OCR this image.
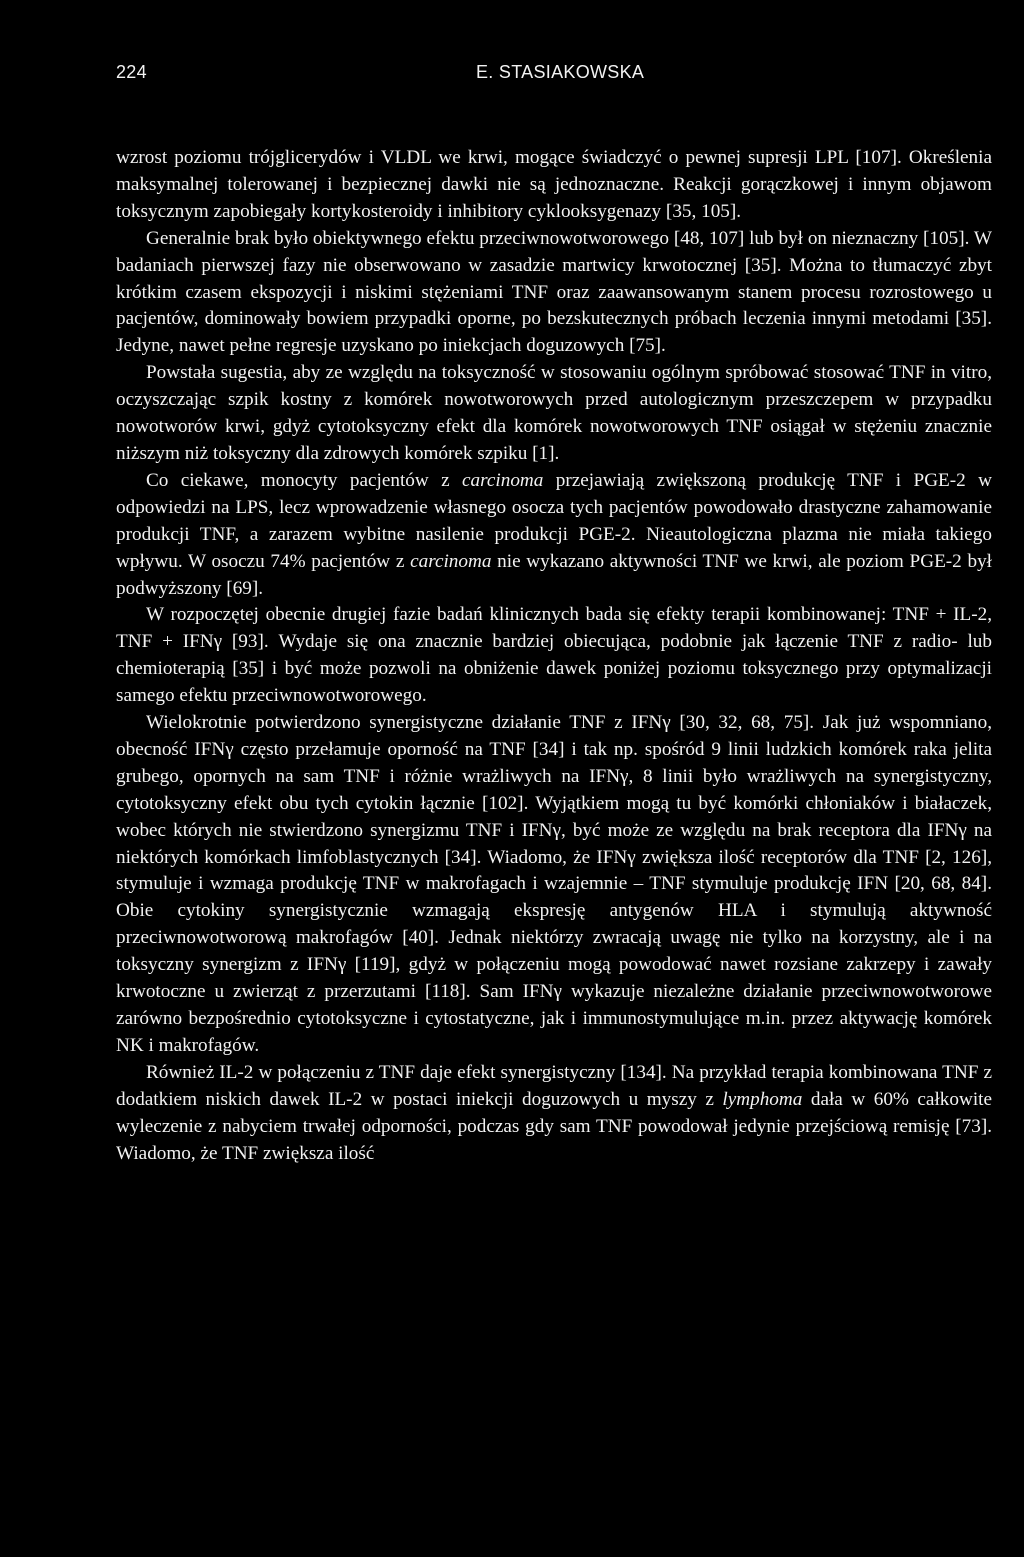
224	E. STASIAKOWSKA

wzrost poziomu trójglicerydów i VLDL we krwi, mogące świadczyć o pewnej supresji LPL [107]. Określenia maksymalnej tolerowanej i bezpiecznej dawki nie są jednoznaczne. Reakcji gorączkowej i innym objawom toksycznym zapobiegały kortykosteroidy i inhibitory cyklooksygenazy [35, 105].

Generalnie brak było obiektywnego efektu przeciwnowotworowego [48, 107] lub był on nieznaczny [105]. W badaniach pierwszej fazy nie obserwowano w zasadzie martwicy krwotocznej [35]. Można to tłumaczyć zbyt krótkim czasem ekspozycji i niskimi stężeniami TNF oraz zaawansowanym stanem procesu rozrostowego u pacjentów, dominowały bowiem przypadki oporne, po bezskutecznych próbach leczenia innymi metodami [35]. Jedyne, nawet pełne regresje uzyskano po iniekcjach doguzowych [75].

Powstała sugestia, aby ze względu na toksyczność w stosowaniu ogólnym spróbować stosować TNF in vitro, oczyszczając szpik kostny z komórek nowotworowych przed autologicznym przeszczepem w przypadku nowotworów krwi, gdyż cytotoksyczny efekt dla komórek nowotworowych TNF osiągał w stężeniu znacznie niższym niż toksyczny dla zdrowych komórek szpiku [1].

Co ciekawe, monocyty pacjentów z carcinoma przejawiają zwiększoną produkcję TNF i PGE-2 w odpowiedzi na LPS, lecz wprowadzenie własnego osocza tych pacjentów powodowało drastyczne zahamowanie produkcji TNF, a zarazem wybitne nasilenie produkcji PGE-2. Nieautologiczna plazma nie miała takiego wpływu. W osoczu 74% pacjentów z carcinoma nie wykazano aktywności TNF we krwi, ale poziom PGE-2 był podwyższony [69].

W rozpoczętej obecnie drugiej fazie badań klinicznych bada się efekty terapii kombinowanej: TNF + IL-2, TNF + IFNγ [93]. Wydaje się ona znacznie bardziej obiecująca, podobnie jak łączenie TNF z radio- lub chemioterapią [35] i być może pozwoli na obniżenie dawek poniżej poziomu toksycznego przy optymalizacji samego efektu przeciwnowotworowego.

Wielokrotnie potwierdzono synergistyczne działanie TNF z IFNγ [30, 32, 68, 75]. Jak już wspomniano, obecność IFNγ często przełamuje oporność na TNF [34] i tak np. spośród 9 linii ludzkich komórek raka jelita grubego, opornych na sam TNF i różnie wrażliwych na IFNγ, 8 linii było wrażliwych na synergistyczny, cytotoksyczny efekt obu tych cytokin łącznie [102]. Wyjątkiem mogą tu być komórki chłoniaków i białaczek, wobec których nie stwierdzono synergizmu TNF i IFNγ, być może ze względu na brak receptora dla IFNγ na niektórych komórkach limfoblastycznych [34]. Wiadomo, że IFNγ zwiększa ilość receptorów dla TNF [2, 126], stymuluje i wzmaga produkcję TNF w makrofagach i wzajemnie – TNF stymuluje produkcję IFN [20, 68, 84]. Obie cytokiny synergistycznie wzmagają ekspresję antygenów HLA i stymulują aktywność przeciwnowotworową makrofagów [40]. Jednak niektórzy zwracają uwagę nie tylko na korzystny, ale i na toksyczny synergizm z IFNγ [119], gdyż w połączeniu mogą powodować nawet rozsiane zakrzepy i zawały krwotoczne u zwierząt z przerzutami [118]. Sam IFNγ wykazuje niezależne działanie przeciwnowotworowe zarówno bezpośrednio cytotoksyczne i cytostatyczne, jak i immunostymulujące m.in. przez aktywację komórek NK i makrofagów.

Również IL-2 w połączeniu z TNF daje efekt synergistyczny [134]. Na przykład terapia kombinowana TNF z dodatkiem niskich dawek IL-2 w postaci iniekcji doguzowych u myszy z lymphoma dała w 60% całkowite wyleczenie z nabyciem trwałej odporności, podczas gdy sam TNF powodował jedynie przejściową remisję [73]. Wiadomo, że TNF zwiększa ilość
